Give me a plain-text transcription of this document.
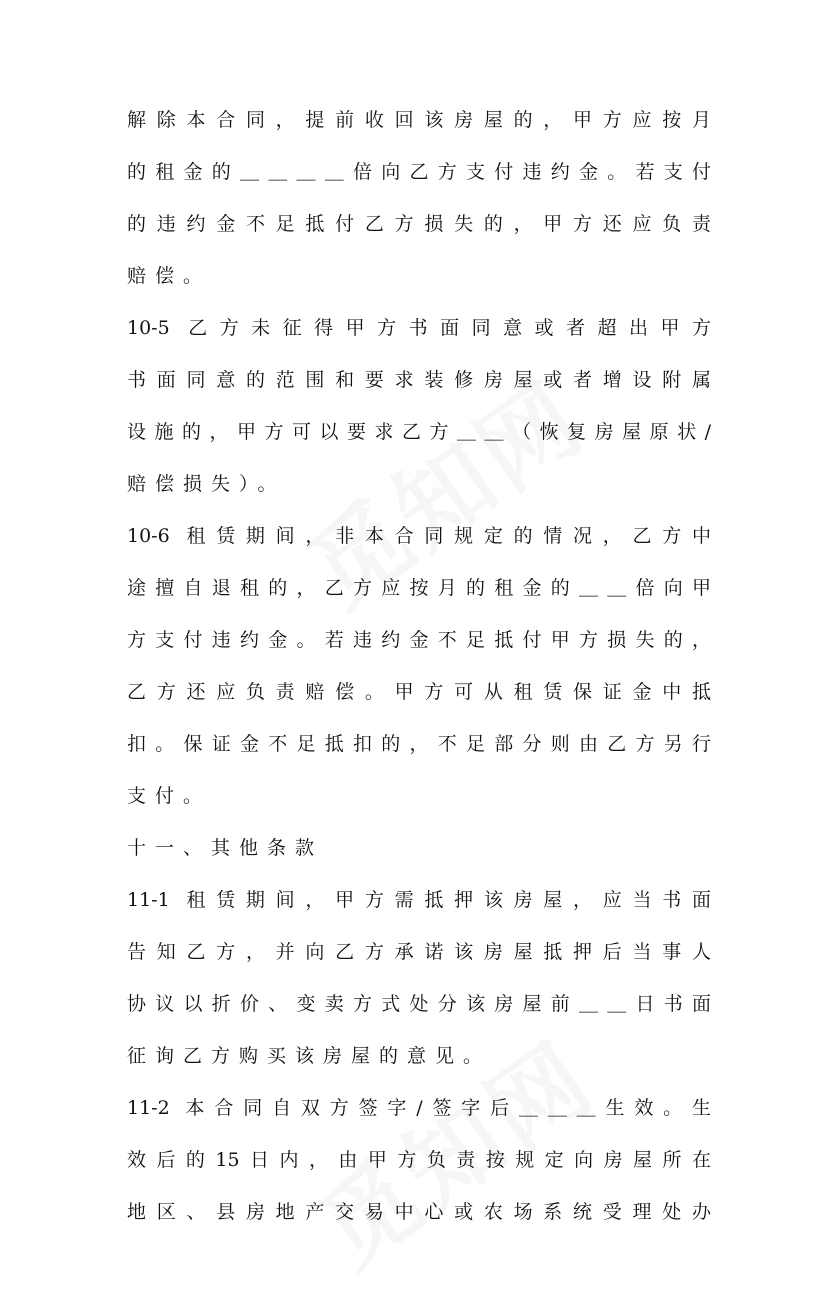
解除本合同，提前收回该房屋的，甲方应按月
的租金的＿＿＿＿倍向乙方支付违约金。若支付
的违约金不足抵付乙方损失的，甲方还应负责
赔偿。
10-5 乙方未征得甲方书面同意或者超出甲方
书面同意的范围和要求装修房屋或者增设附属
设施的，甲方可以要求乙方＿＿（恢复房屋原状/
赔偿损失）。
10-6 租赁期间，非本合同规定的情况，乙方中
途擅自退租的，乙方应按月的租金的＿＿倍向甲
方支付违约金。若违约金不足抵付甲方损失的，
乙方还应负责赔偿。甲方可从租赁保证金中抵
扣。保证金不足抵扣的，不足部分则由乙方另行
支付。
十一、其他条款
11-1 租赁期间，甲方需抵押该房屋，应当书面
告知乙方，并向乙方承诺该房屋抵押后当事人
协议以折价、变卖方式处分该房屋前＿＿日书面
征询乙方购买该房屋的意见。
11-2 本合同自双方签字/签字后＿＿＿生效。生
效后的15日内，由甲方负责按规定向房屋所在
地区、县房地产交易中心或农场系统受理处办
